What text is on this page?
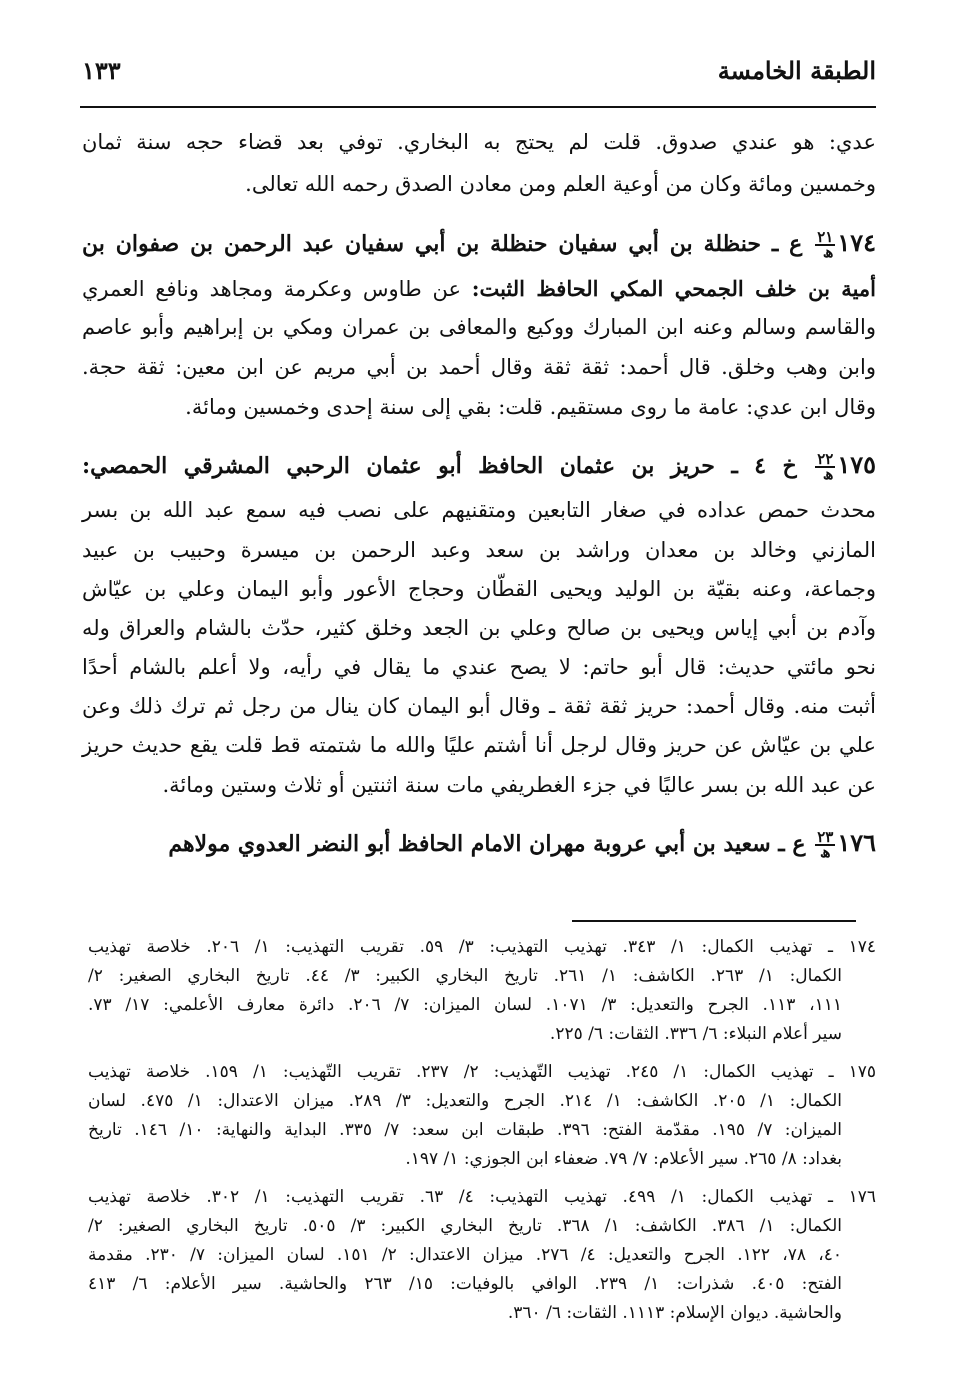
الطبقة الخامسة
١٣٣
عدي: هو عندي صدوق. قلت لم يحتج به البخاري. توفي بعد قضاء حجه سنة ثمان
وخمسين ومائة وكان من أوعية العلم ومن معادن الصدق رحمه الله تعالى.
١٧٤
$\frac{٢١}{\text{ھ}}$
ع ـ حنظلة بن أبي سفيان حنظلة بن أبي سفيان عبد الرحمن بن صفوان بن
أمية بن خلف الجمحي المكي الحافظ الثبت: عن طاوس وعكرمة ومجاهد ونافع العمري
والقاسم وسالم وعنه ابن المبارك ووكيع والمعافى بن عمران ومكي بن إبراهيم وأبو عاصم
وابن وهب وخلق. قال أحمد: ثقة ثقة وقال أحمد بن أبي مريم عن ابن معين: ثقة حجة.
وقال ابن عدي: عامة ما روى مستقيم. قلت: بقي إلى سنة إحدى وخمسين ومائة.
١٧٥
$\frac{٢٢}{\text{ھ}}$
خ ٤ ـ حريز بن عثمان الحافظ أبو عثمان الرحبي المشرقي الحمصي:
محدث حمص عداده في صغار التابعين ومتقنيهم على نصب فيه سمع عبد الله بن بسر
المازني وخالد بن معدان وراشد بن سعد وعبد الرحمن بن ميسرة وحبيب بن عبيد
وجماعة، وعنه بقيّة بن الوليد ويحيى القطّان وحجاج الأعور وأبو اليمان وعلي بن عيّاش
وآدم بن أبي إياس ويحيى بن صالح وعلي بن الجعد وخلق كثير، حدّث بالشام والعراق وله
نحو مائتي حديث: قال أبو حاتم: لا يصح عندي ما يقال في رأيه، ولا أعلم بالشام أحدًا
أثبت منه. وقال أحمد: حريز ثقة ثقة ـ وقال أبو اليمان كان ينال من رجل ثم ترك ذلك وعن
علي بن عيّاش عن حريز وقال لرجل أنا أشتم عليًا والله ما شتمته قط قلت يقع حديث حريز
عن عبد الله بن بسر عاليًا في جزء الغطريفي مات سنة اثنتين أو ثلاث وستين ومائة.
١٧٦
$\frac{٢٣}{\text{ھ}}$
ع ـ سعيد بن أبي عروبة مهران الامام الحافظ أبو النضر العدوي مولاهم
١٧٤ ـ تهذيب الكمال: ١/ ٣٤٣. تهذيب التهذيب: ٣/ ٥٩. تقريب التهذيب: ١/ ٢٠٦. خلاصة تهذيب
الكمال: ١/ ٢٦٣. الكاشف: ١/ ٢٦١. تاريخ البخاري الكبير: ٣/ ٤٤. تاريخ البخاري الصغير: ٢/
١١١، ١١٣. الجرح والتعديل: ٣/ ١٠٧١. لسان الميزان: ٧/ ٢٠٦. دائرة معارف الأعلمي: ١٧/ ٧٣.
سير أعلام النبلاء: ٦/ ٣٣٦. الثقات: ٦/ ٢٢٥.
١٧٥ ـ تهذيب الكمال: ١/ ٢٤٥. تهذيب التّهذيب: ٢/ ٢٣٧. تقريب التّهذيب: ١/ ١٥٩. خلاصة تهذيب
الكمال: ١/ ٢٠٥. الكاشف: ١/ ٢١٤. الجرح والتعديل: ٣/ ٢٨٩. ميزان الاعتدال: ١/ ٤٧٥. لسان
الميزان: ٧/ ١٩٥. مقدّمة الفتح: ٣٩٦. طبقات ابن سعد: ٧/ ٣٣٥. البداية والنهاية: ١٠/ ١٤٦. تاريخ
بغداد: ٨/ ٢٦٥. سير الأعلام: ٧/ ٧٩. ضعفاء ابن الجوزي: ١/ ١٩٧.
١٧٦ ـ تهذيب الكمال: ١/ ٤٩٩. تهذيب التهذيب: ٤/ ٦٣. تقريب التهذيب: ١/ ٣٠٢. خلاصة تهذيب
الكمال: ١/ ٣٨٦. الكاشف: ١/ ٣٦٨. تاريخ البخاري الكبير: ٣/ ٥٠٥. تاريخ البخاري الصغير: ٢/
٤٠، ٧٨، ١٢٢. الجرح والتعديل: ٤/ ٢٧٦. ميزان الاعتدال: ٢/ ١٥١. لسان الميزان: ٧/ ٢٣٠. مقدمة
الفتح: ٤٠٥. شذرات: ١/ ٢٣٩. الوافي بالوفيات: ١٥/ ٢٦٣ والحاشية. سير الأعلام: ٦/ ٤١٣
والحاشية. ديوان الإسلام: ١١١٣. الثقات: ٦/ ٣٦٠.
